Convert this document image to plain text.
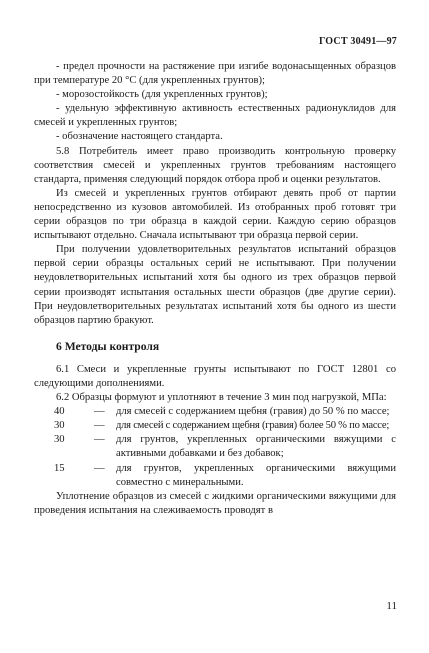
ГОСТ 30491—97

- предел прочности на растяжение при изгибе водонасыщенных образцов при температуре 20 °С (для укрепленных грунтов);

- морозостойкость (для укрепленных грунтов);

- удельную эффективную активность естественных радионуклидов для смесей и укрепленных грунтов;

- обозначение настоящего стандарта.

5.8 Потребитель имеет право производить контрольную проверку соответствия смесей и укрепленных грунтов требованиям настоящего стандарта, применяя следующий порядок отбора проб и оценки результатов.

Из смесей и укрепленных грунтов отбирают девять проб от партии непосредственно из кузовов автомобилей. Из отобранных проб готовят три серии образцов по три образца в каждой серии. Каждую серию образцов испытывают отдельно. Сначала испытывают три образца первой серии.

При получении удовлетворительных результатов испытаний образцов первой серии образцы остальных серий не испытывают. При получении неудовлетворительных испытаний хотя бы одного из трех образцов первой серии производят испытания остальных шести образцов (две другие серии). При неудовлетворительных результатах испытаний хотя бы одного из шести образцов партию бракуют.

6 Методы контроля

6.1 Смеси и укрепленные грунты испытывают по ГОСТ 12801 со следующими дополнениями.

6.2 Образцы формуют и уплотняют в течение 3 мин под нагрузкой, МПа:

40	—	для смесей с содержанием щебня (гравия) до 50 % по массе;
30	—	для смесей с содержанием щебня (гравия) более 50 % по массе;
30	—	для грунтов, укрепленных органическими вяжущими с активными добавками и без добавок;
15	—	для грунтов, укрепленных органическими вяжущими совместно с минеральными.

Уплотнение образцов из смесей с жидкими органическими вяжущими для проведения испытания на слеживаемость проводят в

11
